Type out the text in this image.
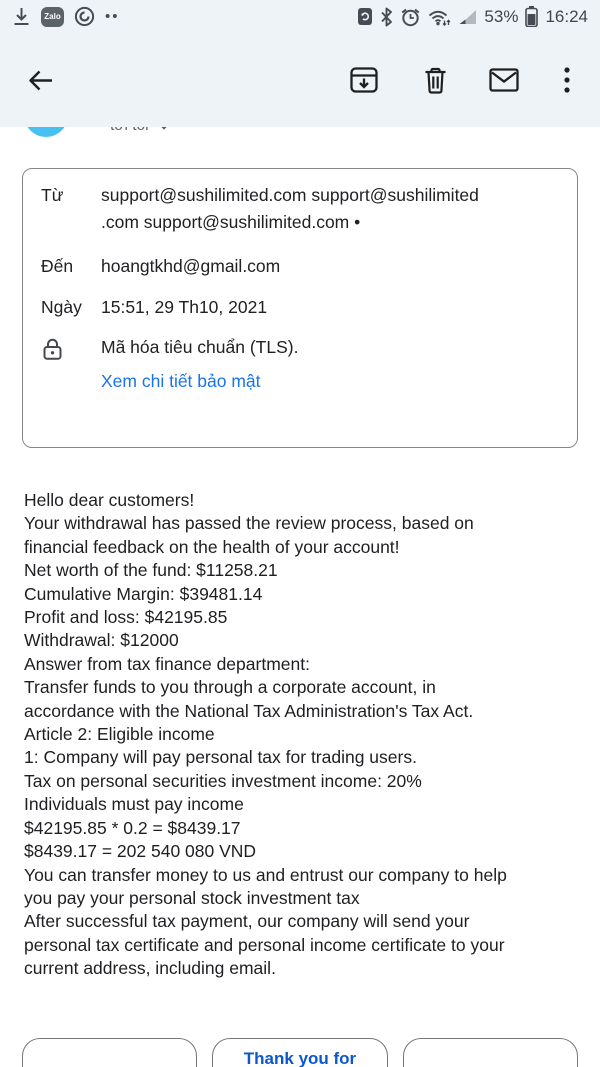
Zalo	••	53% 16:24
Từ	support@sushilimited.com support@sushilimited
.com support@sushilimited.com •
Đến	hoangtkhd@gmail.com
Ngày	15:51, 29 Th10, 2021
Mã hóa tiêu chuẩn (TLS).
Xem chi tiết bảo mật
Hello dear customers!
Your withdrawal has passed the review process, based on
financial feedback on the health of your account!
Net worth of the fund: $11258.21
Cumulative Margin: $39481.14
Profit and loss: $42195.85
Withdrawal: $12000
Answer from tax finance department:
Transfer funds to you through a corporate account, in
accordance with the National Tax Administration's Tax Act.
Article 2: Eligible income
1: Company will pay personal tax for trading users.
Tax on personal securities investment income: 20%
Individuals must pay income
$42195.85 * 0.2 = $8439.17
$8439.17 = 202 540 080 VND
You can transfer money to us and entrust our company to help
you pay your personal stock investment tax
After successful tax payment, our company will send your
personal tax certificate and personal income certificate to your
current address, including email.
Thank you for
